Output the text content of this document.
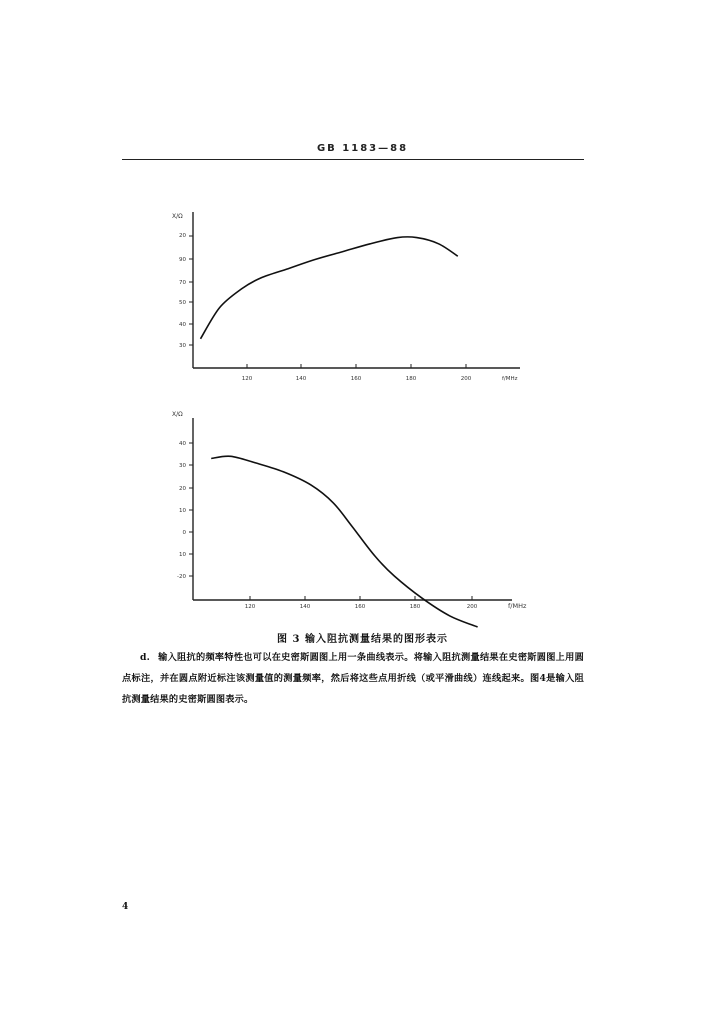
GB 1183—88
X/Ω
90
70
50
40
30
20
120	140	160	180	200	f/MHz
X/Ω
40
30
20
10
0
10
-20
120	140	160	180	200	f/MHz
图 3 输入阻抗测量结果的图形表示
d. 输入阻抗的频率特性也可以在史密斯圆图上用一条曲线表示。将输入阻抗测量结果在史密斯圆图上用圆点标注，并在圆点附近标注该测量值的测量频率，然后将这些点用折线（或平滑曲线）连线起来。图4是输入阻抗测量结果的史密斯圆图表示。
4
